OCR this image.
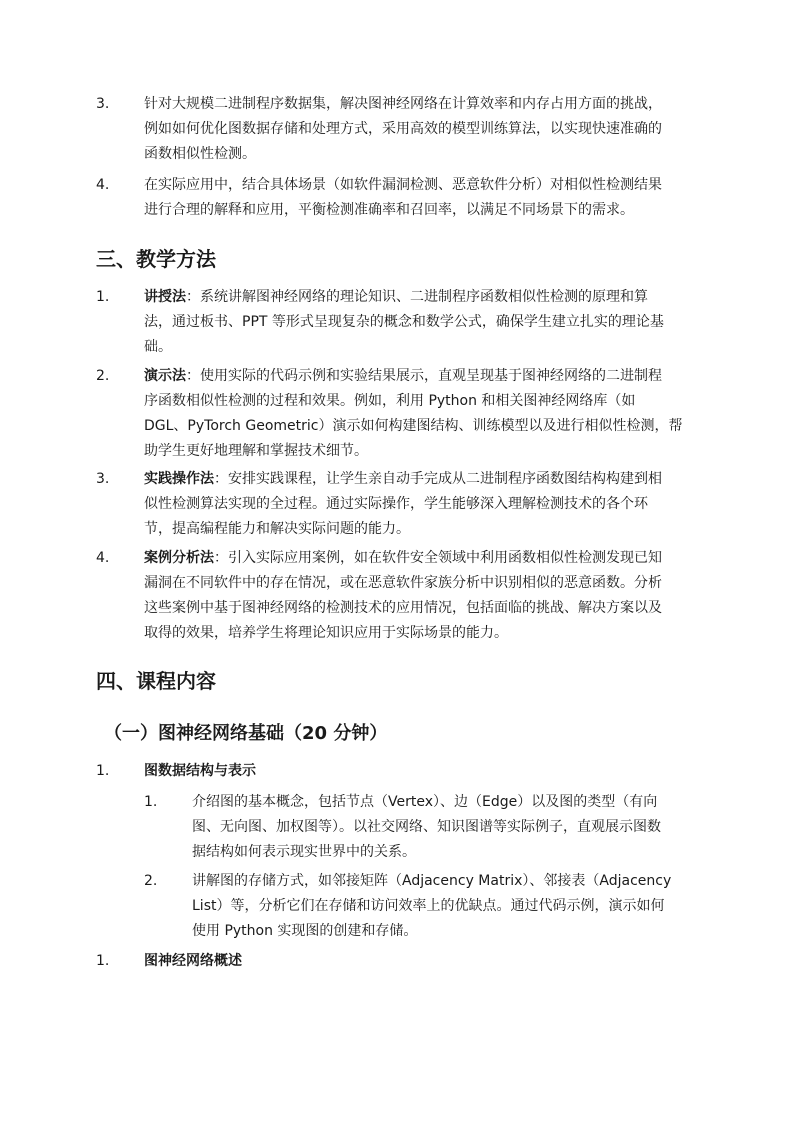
3.	针对大规模二进制程序数据集，解决图神经网络在计算效率和内存占用方面的挑战，
例如如何优化图数据存储和处理方式，采用高效的模型训练算法，以实现快速准确的
函数相似性检测。
4.	在实际应用中，结合具体场景（如软件漏洞检测、恶意软件分析）对相似性检测结果
进行合理的解释和应用，平衡检测准确率和召回率，以满足不同场景下的需求。
三、教学方法
1.	讲授法：系统讲解图神经网络的理论知识、二进制程序函数相似性检测的原理和算
法，通过板书、PPT 等形式呈现复杂的概念和数学公式，确保学生建立扎实的理论基
础。
2.	演示法：使用实际的代码示例和实验结果展示，直观呈现基于图神经网络的二进制程
序函数相似性检测的过程和效果。例如，利用 Python 和相关图神经网络库（如
DGL、PyTorch Geometric）演示如何构建图结构、训练模型以及进行相似性检测，帮
助学生更好地理解和掌握技术细节。
3.	实践操作法：安排实践课程，让学生亲自动手完成从二进制程序函数图结构构建到相
似性检测算法实现的全过程。通过实际操作，学生能够深入理解检测技术的各个环
节，提高编程能力和解决实际问题的能力。
4.	案例分析法：引入实际应用案例，如在软件安全领域中利用函数相似性检测发现已知
漏洞在不同软件中的存在情况，或在恶意软件家族分析中识别相似的恶意函数。分析
这些案例中基于图神经网络的检测技术的应用情况，包括面临的挑战、解决方案以及
取得的效果，培养学生将理论知识应用于实际场景的能力。
四、课程内容
（一）图神经网络基础（20 分钟）
1.	图数据结构与表示
1.	介绍图的基本概念，包括节点（Vertex）、边（Edge）以及图的类型（有向
图、无向图、加权图等）。以社交网络、知识图谱等实际例子，直观展示图数
据结构如何表示现实世界中的关系。
2.	讲解图的存储方式，如邻接矩阵（Adjacency Matrix）、邻接表（Adjacency
List）等，分析它们在存储和访问效率上的优缺点。通过代码示例，演示如何
使用 Python 实现图的创建和存储。
1.	图神经网络概述
